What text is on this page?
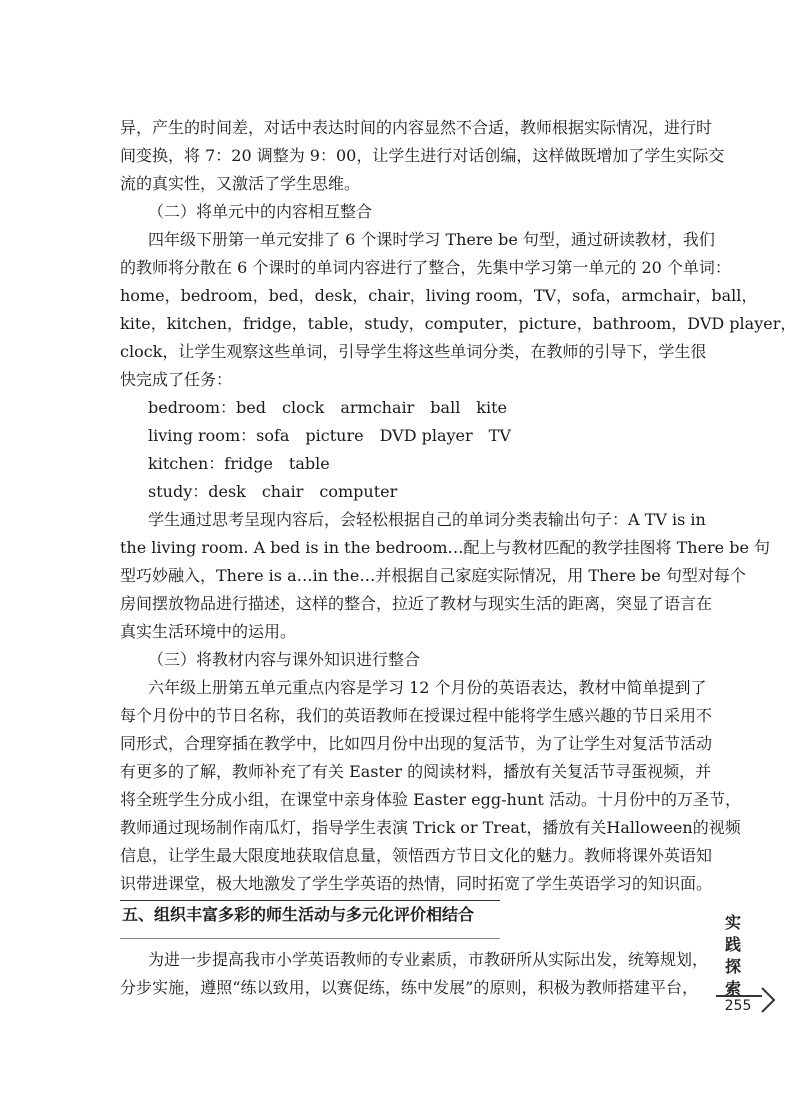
异，产生的时间差，对话中表达时间的内容显然不合适，教师根据实际情况，进行时
间变换，将 7：20 调整为 9：00，让学生进行对话创编，这样做既增加了学生实际交
流的真实性，又激活了学生思维。
（二）将单元中的内容相互整合
四年级下册第一单元安排了 6 个课时学习 There be 句型，通过研读教材，我们
的教师将分散在 6 个课时的单词内容进行了整合，先集中学习第一单元的 20 个单词：
home，bedroom，bed，desk，chair，living room，TV，sofa，armchair，ball，
kite，kitchen，fridge，table，study，computer，picture，bathroom，DVD player，
clock，让学生观察这些单词，引导学生将这些单词分类，在教师的引导下，学生很
快完成了任务：
bedroom：bed　clock　armchair　ball　kite
living room：sofa　picture　DVD player　TV
kitchen：fridge　table
study：desk　chair　computer
学生通过思考呈现内容后，会轻松根据自己的单词分类表输出句子：A TV is in
the living room. A bed is in the bedroom…配上与教材匹配的教学挂图将 There be 句
型巧妙融入，There is a…in the…并根据自己家庭实际情况，用 There be 句型对每个
房间摆放物品进行描述，这样的整合，拉近了教材与现实生活的距离，突显了语言在
真实生活环境中的运用。
（三）将教材内容与课外知识进行整合
六年级上册第五单元重点内容是学习 12 个月份的英语表达，教材中简单提到了
每个月份中的节日名称，我们的英语教师在授课过程中能将学生感兴趣的节日采用不
同形式，合理穿插在教学中，比如四月份中出现的复活节，为了让学生对复活节活动
有更多的了解，教师补充了有关 Easter 的阅读材料，播放有关复活节寻蛋视频，并
将全班学生分成小组，在课堂中亲身体验 Easter egg-hunt 活动。十月份中的万圣节，
教师通过现场制作南瓜灯，指导学生表演 Trick or Treat，播放有关Halloween的视频
信息，让学生最大限度地获取信息量，领悟西方节日文化的魅力。教师将课外英语知
识带进课堂，极大地激发了学生学英语的热情，同时拓宽了学生英语学习的知识面。
五、组织丰富多彩的师生活动与多元化评价相结合
为进一步提高我市小学英语教师的专业素质，市教研所从实际出发，统筹规划，
分步实施，遵照“练以致用，以赛促练，练中发展”的原则，积极为教师搭建平台，
实
践
探
索
255
